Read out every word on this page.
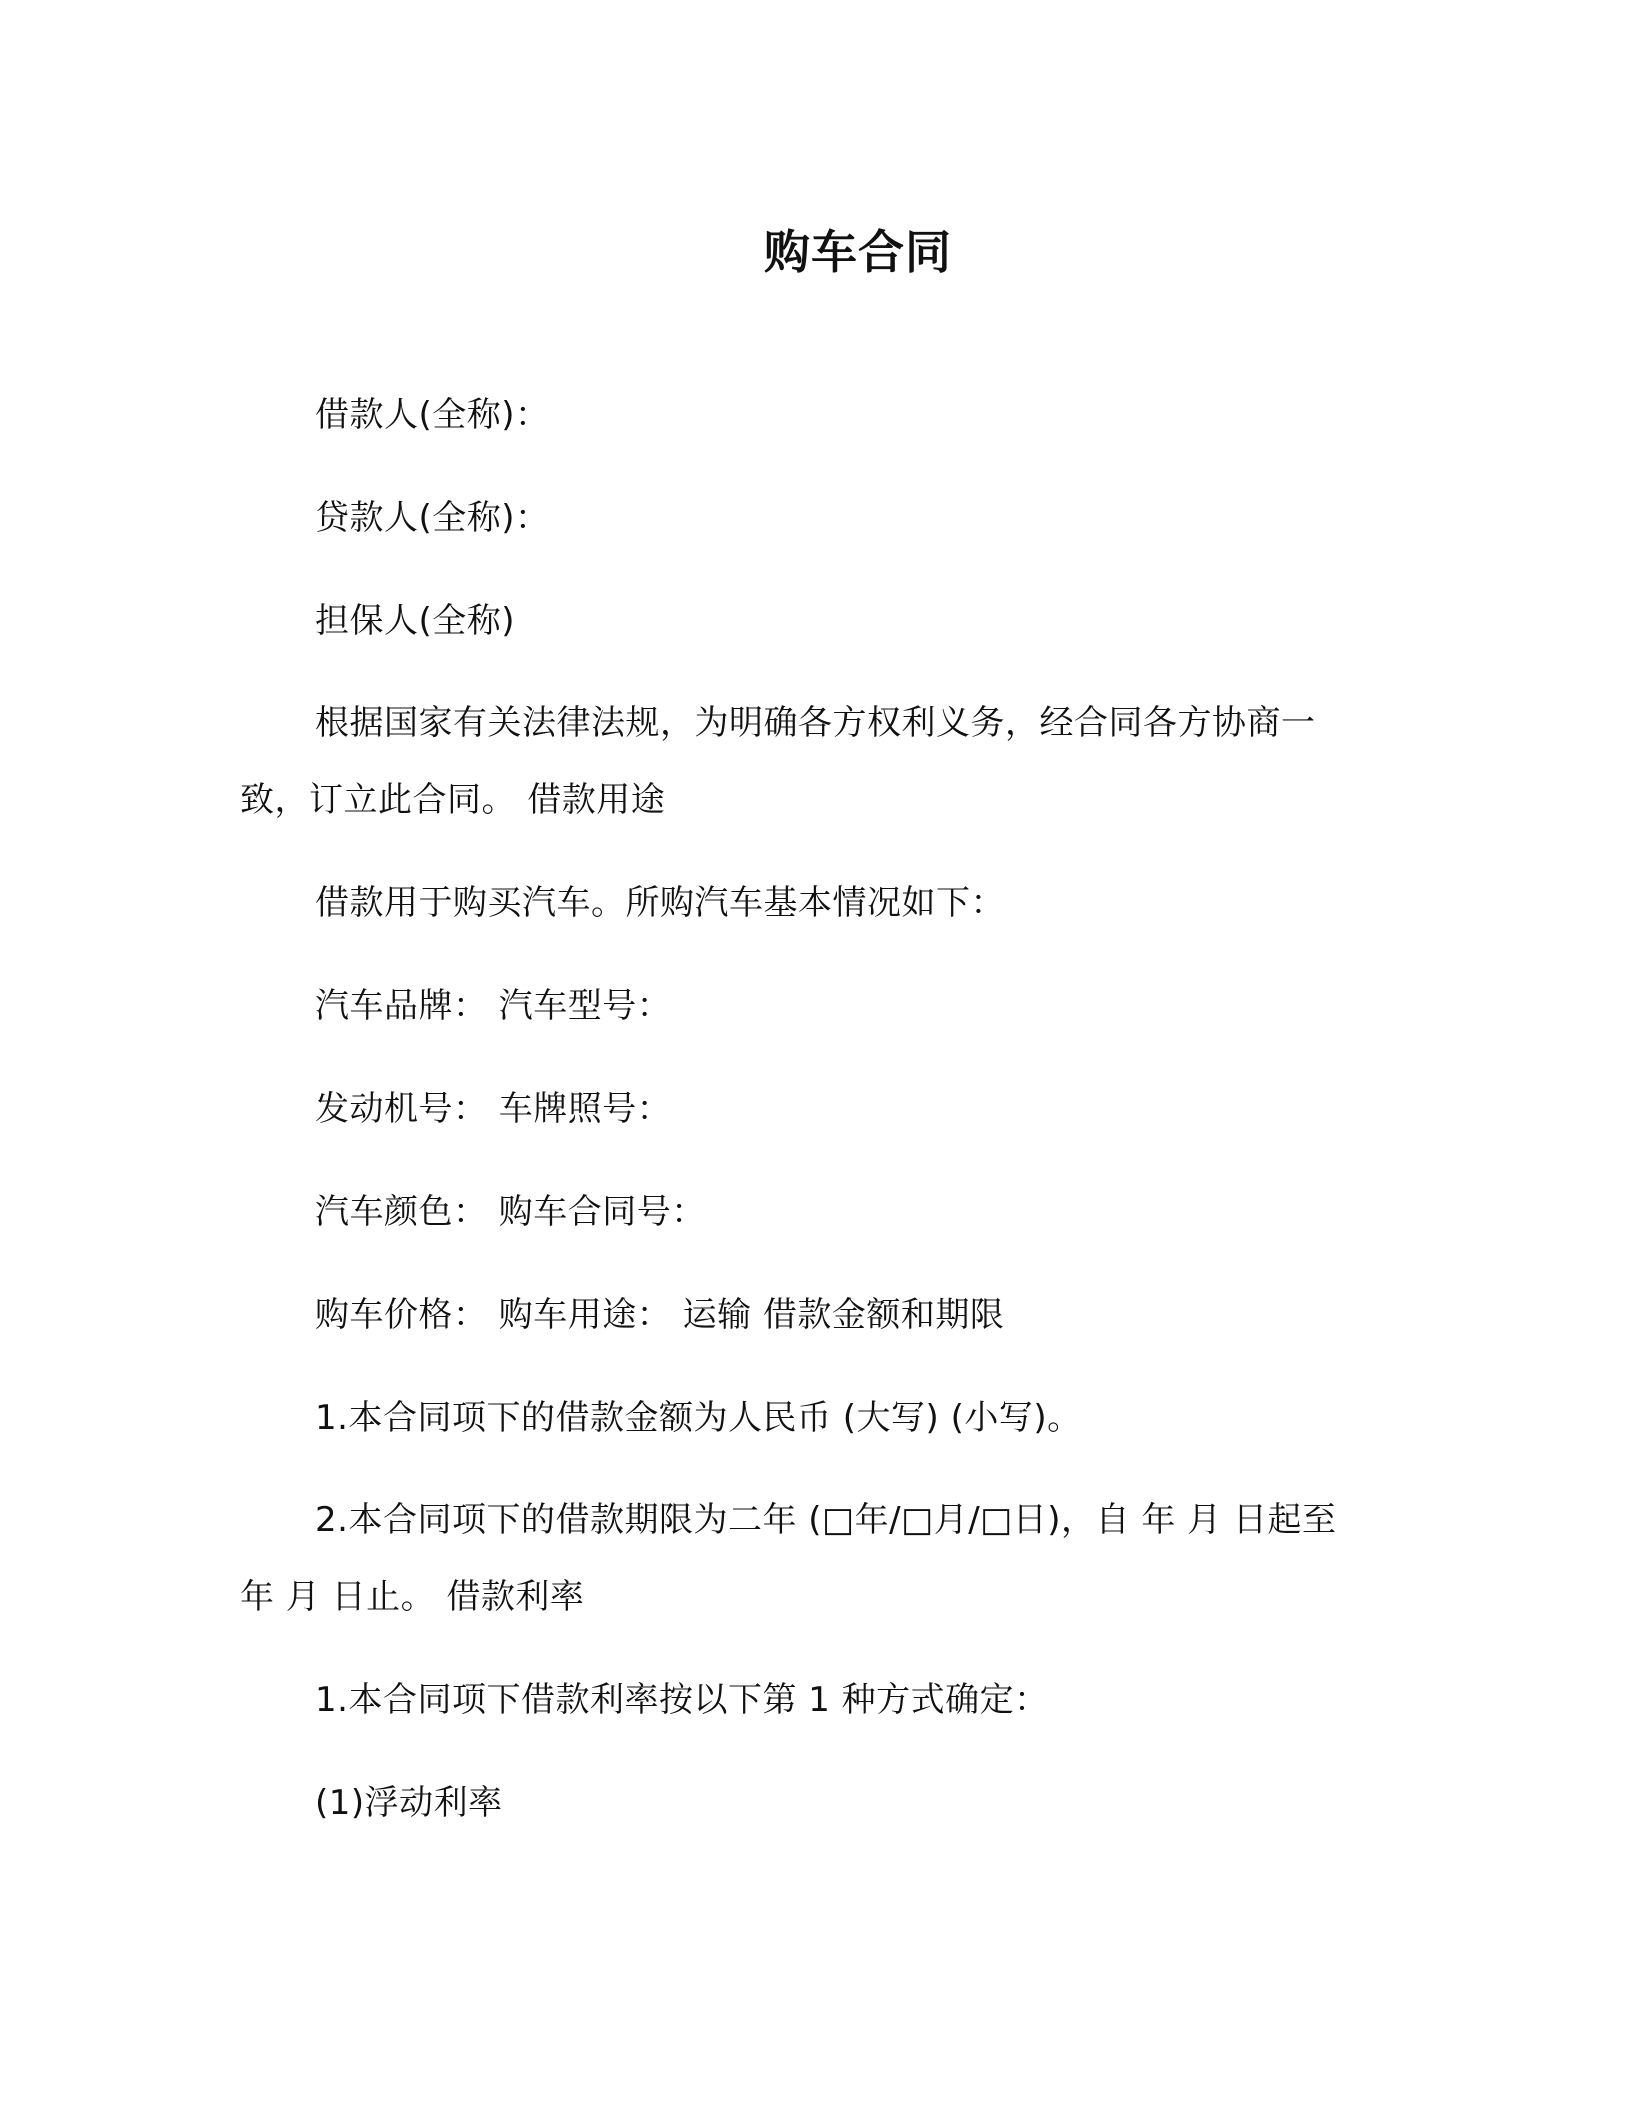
购车合同

借款人(全称)：

贷款人(全称)：

担保人(全称)

根据国家有关法律法规，为明确各方权利义务，经合同各方协商一致，订立此合同。 借款用途

借款用于购买汽车。所购汽车基本情况如下：

汽车品牌： 汽车型号：

发动机号： 车牌照号：

汽车颜色： 购车合同号：

购车价格： 购车用途： 运输 借款金额和期限

1.本合同项下的借款金额为人民币 (大写) (小写)。

2.本合同项下的借款期限为二年 (□年/□月/□日)，自 年 月 日起至 年 月 日止。 借款利率

1.本合同项下借款利率按以下第 1 种方式确定：

(1)浮动利率
